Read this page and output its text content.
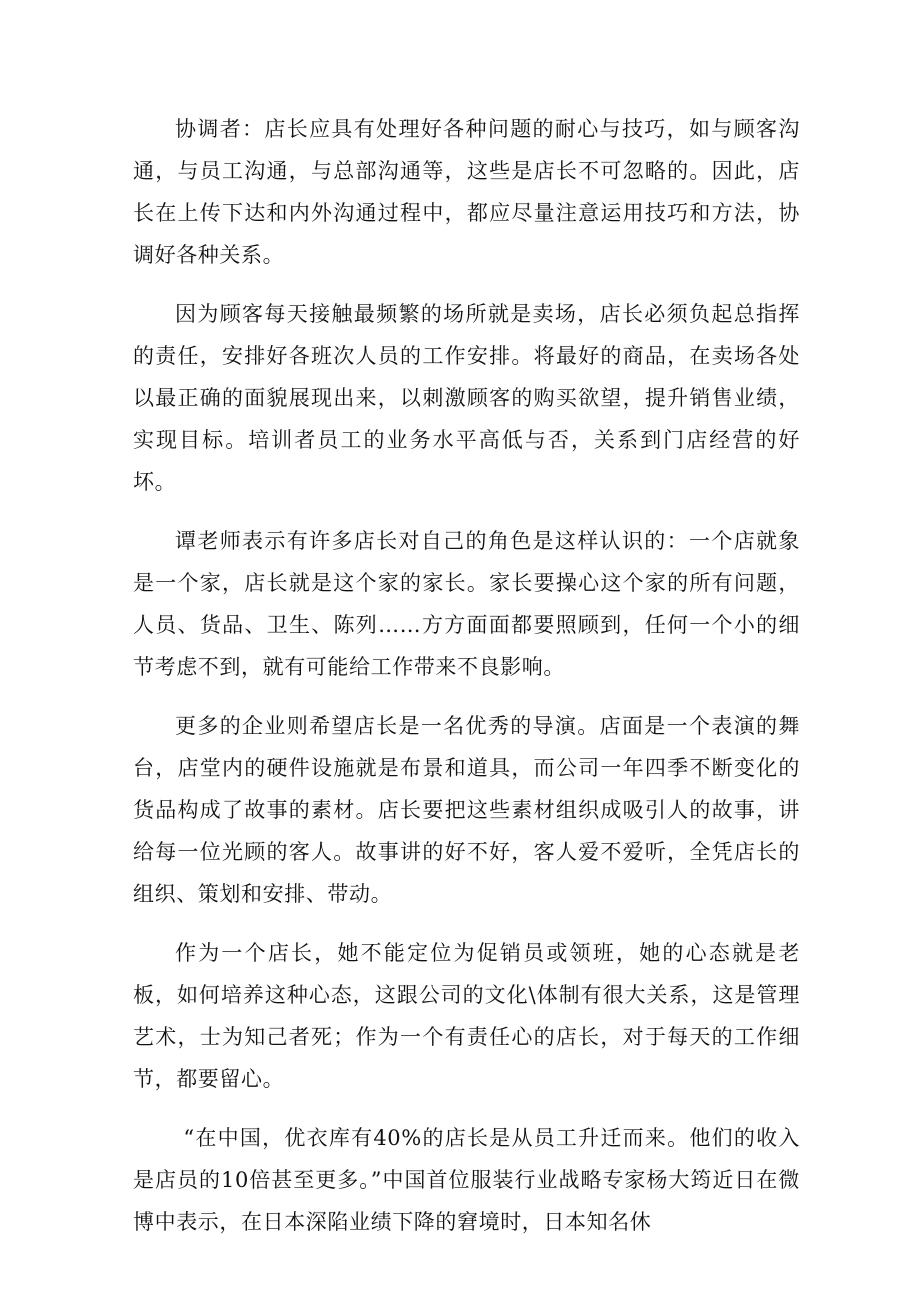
协调者：店长应具有处理好各种问题的耐心与技巧，如与顾客沟通，与员工沟通，与总部沟通等，这些是店长不可忽略的。因此，店长在上传下达和内外沟通过程中，都应尽量注意运用技巧和方法，协调好各种关系。

因为顾客每天接触最频繁的场所就是卖场，店长必须负起总指挥的责任，安排好各班次人员的工作安排。将最好的商品，在卖场各处以最正确的面貌展现出来，以刺激顾客的购买欲望，提升销售业绩，实现目标。培训者员工的业务水平高低与否，关系到门店经营的好坏。

谭老师表示有许多店长对自己的角色是这样认识的：一个店就象是一个家，店长就是这个家的家长。家长要操心这个家的所有问题，人员、货品、卫生、陈列……方方面面都要照顾到，任何一个小的细节考虑不到，就有可能给工作带来不良影响。

更多的企业则希望店长是一名优秀的导演。店面是一个表演的舞台，店堂内的硬件设施就是布景和道具，而公司一年四季不断变化的货品构成了故事的素材。店长要把这些素材组织成吸引人的故事，讲给每一位光顾的客人。故事讲的好不好，客人爱不爱听，全凭店长的组织、策划和安排、带动。

作为一个店长，她不能定位为促销员或领班，她的心态就是老板，如何培养这种心态，这跟公司的文化\体制有很大关系，这是管理艺术，士为知己者死；作为一个有责任心的店长，对于每天的工作细节，都要留心。

“在中国，优衣库有40%的店长是从员工升迁而来。他们的收入是店员的10倍甚至更多。”中国首位服装行业战略专家杨大筠近日在微博中表示，在日本深陷业绩下降的窘境时，日本知名休
